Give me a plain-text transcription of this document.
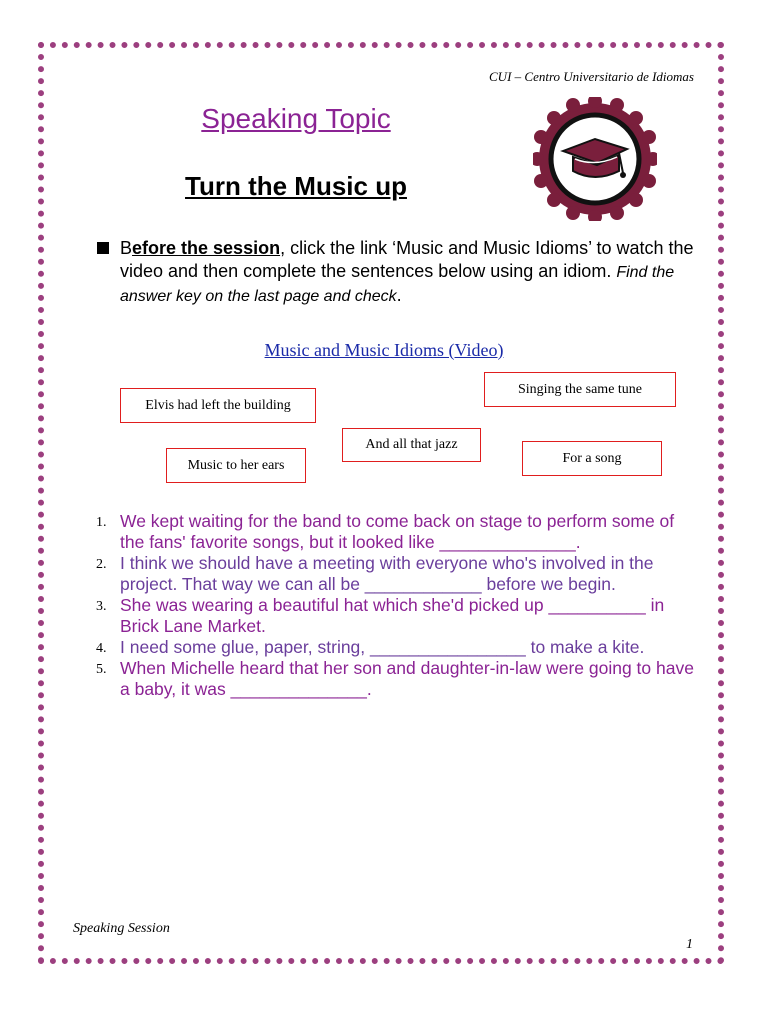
CUI – Centro Universitario de Idiomas
Speaking Topic
Turn the Music up
Before the session, click the link ‘Music and Music Idioms’ to watch the video and then complete the sentences below using an idiom. Find the answer key on the last page and check.
Music and Music Idioms (Video)
Elvis had left the building
Singing the same tune
And all that jazz
Music to her ears	For a song
1. We kept waiting for the band to come back on stage to perform some of the fans' favorite songs, but it looked like ______________.
2. I think we should have a meeting with everyone who's involved in the project. That way we can all be ____________ before we begin.
3. She was wearing a beautiful hat which she'd picked up __________ in Brick Lane Market.
4. I need some glue, paper, string, ________________ to make a kite.
5. When Michelle heard that her son and daughter-in-law were going to have a baby, it was ______________.
Speaking Session
1
